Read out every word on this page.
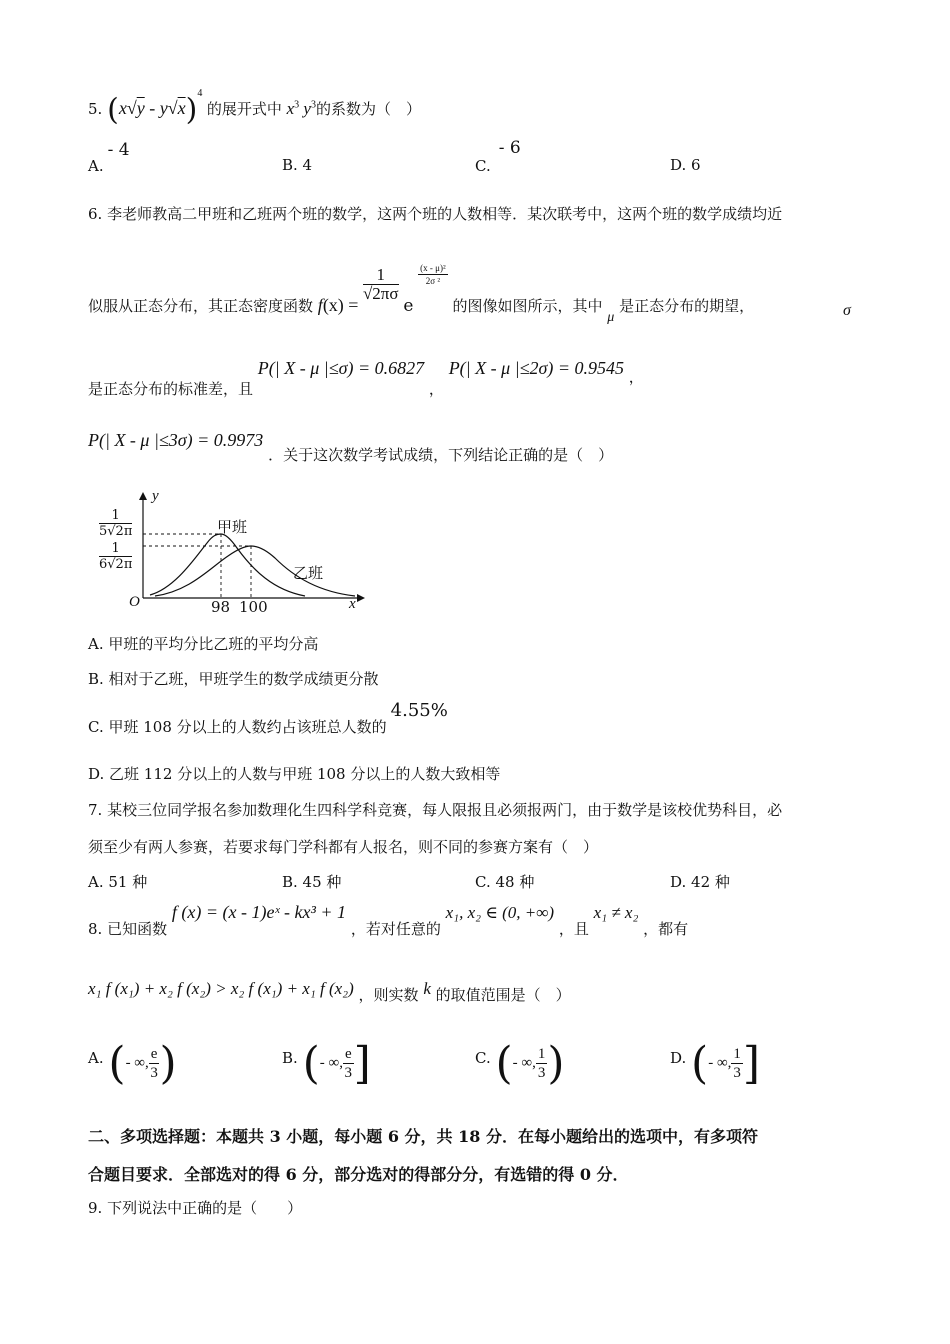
5. (x√y - y√x)$^4$ 的展开式中 $x^3$ $y^3$的系数为（　）
A.- 4
B. 4	C.- 6
D. 6
6. 李老师教高二甲班和乙班两个班的数学，这两个班的人数相等．某次联考中，这两个班的数学成绩均近
似服从正态分布，其正态密度函数 f(x) =
$\frac{1}{√2\pi\sigma}$
e
$\frac{\text{(x - μ)²}}{\text{2σ ²}}$
的图像如图所示，其中 μ 是正态分布的期望，	σ
是正态分布的标准差，且 P(| X - μ |≤σ) = 0.6827 ， P(| X - μ |≤2σ) = 0.9545 ，
P(| X - μ |≤3σ) = 0.9973 ．关于这次数学考试成绩，下列结论正确的是（　）
y
x
O
$\frac{1}{5√2\pi}$
$\frac{1}{6√2\pi}$
甲班
乙班
98 100
A. 甲班的平均分比乙班的平均分高
B. 相对于乙班，甲班学生的数学成绩更分散
C. 甲班 108 分以上的人数约占该班总人数的4.55%
D. 乙班 112 分以上的人数与甲班 108 分以上的人数大致相等
7. 某校三位同学报名参加数理化生四科学科竞赛，每人限报且必须报两门，由于数学是该校优势科目，必
须至少有两人参赛，若要求每门学科都有人报名，则不同的参赛方案有（　）
A. 51 种	B. 45 种	C. 48 种	D. 42 种
8. 已知函数 f (x) = (x - 1)eˣ - kx³ + 1 ，若对任意的 x₁, x₂ ∈ (0, +∞) ，且 x₁ ≠ x₂ ，都有
x₁ f (x₁) + x₂ f (x₂) > x₂ f (x₁) + x₁ f (x₂) ，则实数 k 的取值范围是（　）
A. (- ∞, $\frac{e}{3}$ )	B. (- ∞, $\frac{e}{3}$ ]	C. (- ∞, $\frac{1}{3}$ )	D. (- ∞, $\frac{1}{3}$ ]
二、多项选择题：本题共 3 小题，每小题 6 分，共 18 分．在每小题给出的选项中，有多项符
合题目要求．全部选对的得 6 分，部分选对的得部分分，有选错的得 0 分．
9. 下列说法中正确的是（　　）
